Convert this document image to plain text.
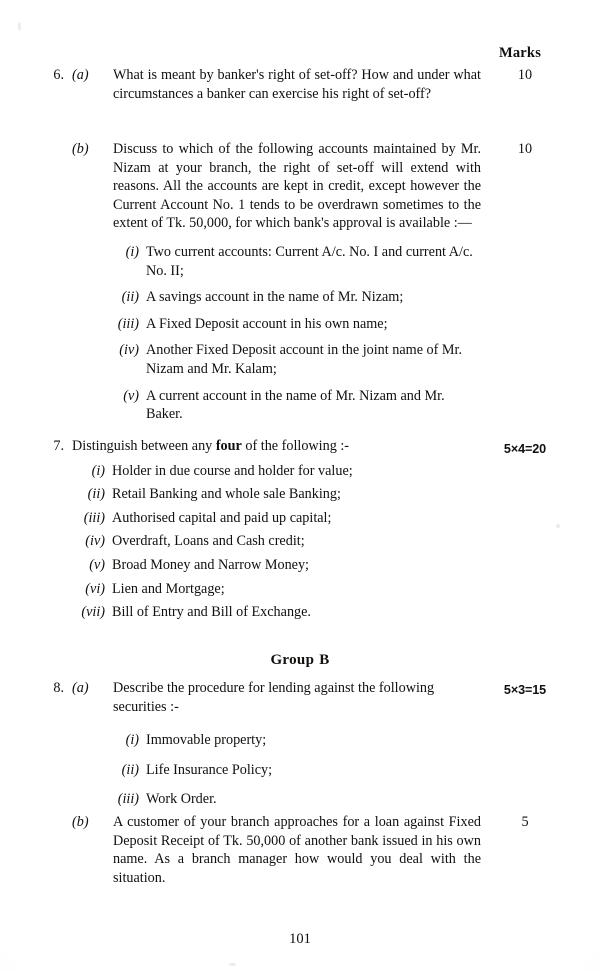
Marks
6. (a)	What is meant by banker's right of set-off? How and under what circumstances a banker can exercise his right of set-off?
10
(b)	Discuss to which of the following accounts maintained by Mr. Nizam at your branch, the right of set-off will extend with reasons. All the accounts are kept in credit, except however the Current Account No. 1 tends to be overdrawn sometimes to the extent of Tk. 50,000, for which bank's approval is available :—
10
(i) Two current accounts: Current A/c. No. I and current A/c. No. II;
(ii) A savings account in the name of Mr. Nizam;
(iii) A Fixed Deposit account in his own name;
(iv) Another Fixed Deposit account in the joint name of Mr. Nizam and Mr. Kalam;
(v) A current account in the name of Mr. Nizam and Mr. Baker.
7. Distinguish between any four of the following :-	5×4=20
(i) Holder in due course and holder for value;
(ii) Retail Banking and whole sale Banking;
(iii) Authorised capital and paid up capital;
(iv) Overdraft, Loans and Cash credit;
(v) Broad Money and Narrow Money;
(vi) Lien and Mortgage;
(vii) Bill of Entry and Bill of Exchange.
Group B
8. (a)	Describe the procedure for lending against the following securities :-
5×3=15
(i) Immovable property;
(ii) Life Insurance Policy;
(iii) Work Order.
(b)	A customer of your branch approaches for a loan against Fixed Deposit Receipt of Tk. 50,000 of another bank issued in his own name. As a branch manager how would you deal with the situation.
5
101
